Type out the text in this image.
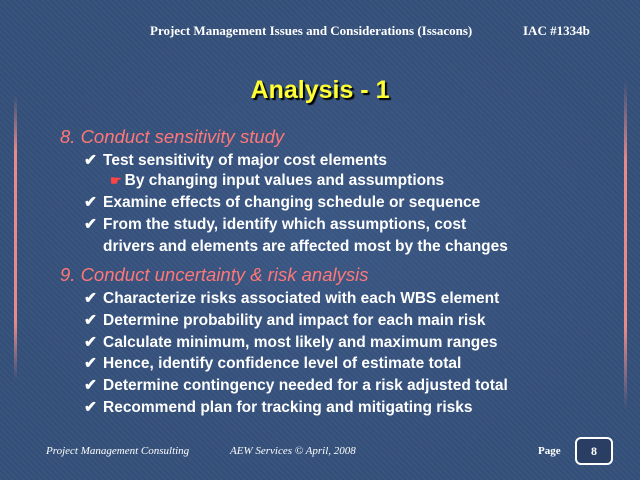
Project Management Issues and Considerations (Issacons)	IAC #1334b
Analysis - 1
8. Conduct sensitivity study
✔ Test sensitivity of major cost elements
☛ By changing input values and assumptions
✔ Examine effects of changing schedule or sequence
✔ From the study, identify which assumptions, cost
drivers and elements are affected most by the changes
9. Conduct uncertainty & risk analysis
✔ Characterize risks associated with each WBS element
✔ Determine probability and impact for each main risk
✔ Calculate minimum, most likely and maximum ranges
✔ Hence, identify confidence level of estimate total
✔ Determine contingency needed for a risk adjusted total
✔ Recommend plan for tracking and mitigating risks
Project Management Consulting	AEW Services © April, 2008	Page	8
